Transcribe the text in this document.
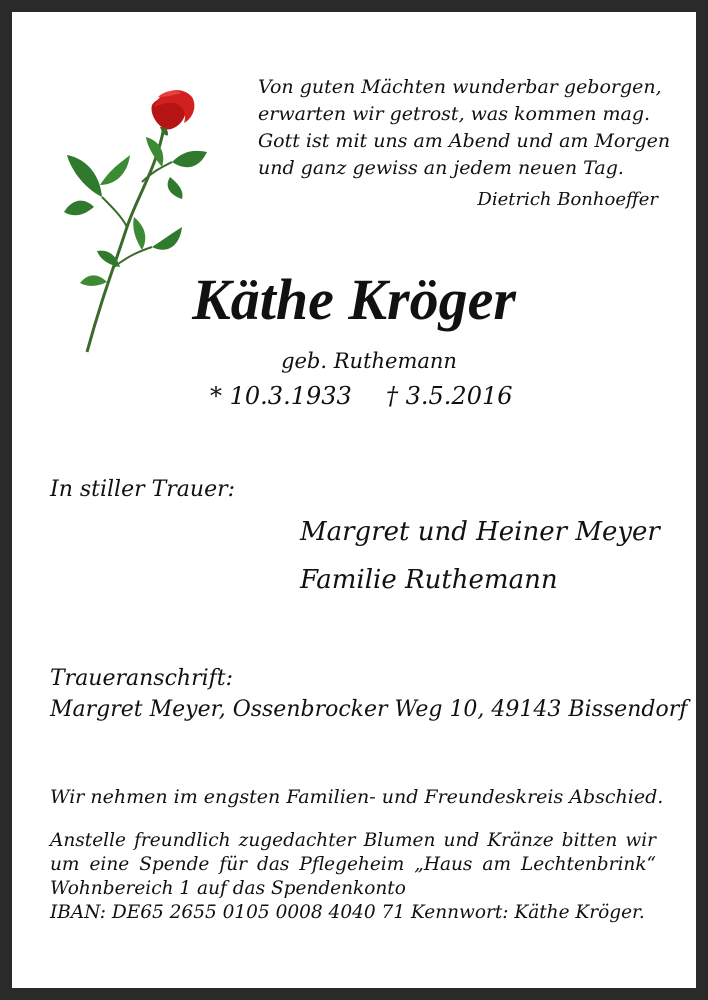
Von guten Mächten wunderbar geborgen,
erwarten wir getrost, was kommen mag.
Gott ist mit uns am Abend und am Morgen
und ganz gewiss an jedem neuen Tag.
Dietrich Bonhoeffer
Käthe Kröger
geb. Ruthemann
* 10.3.1933 † 3.5.2016
In stiller Trauer:
Margret und Heiner Meyer
Familie Ruthemann
Traueranschrift:
Margret Meyer, Ossenbrocker Weg 10, 49143 Bissendorf
Wir nehmen im engsten Familien- und Freundeskreis Abschied.
Anstelle freundlich zugedachter Blumen und Kränze bitten wir
um eine Spende für das Pflegeheim „Haus am Lechtenbrink“
Wohnbereich 1 auf das Spendenkonto
IBAN: DE65 2655 0105 0008 4040 71 Kennwort: Käthe Kröger.
